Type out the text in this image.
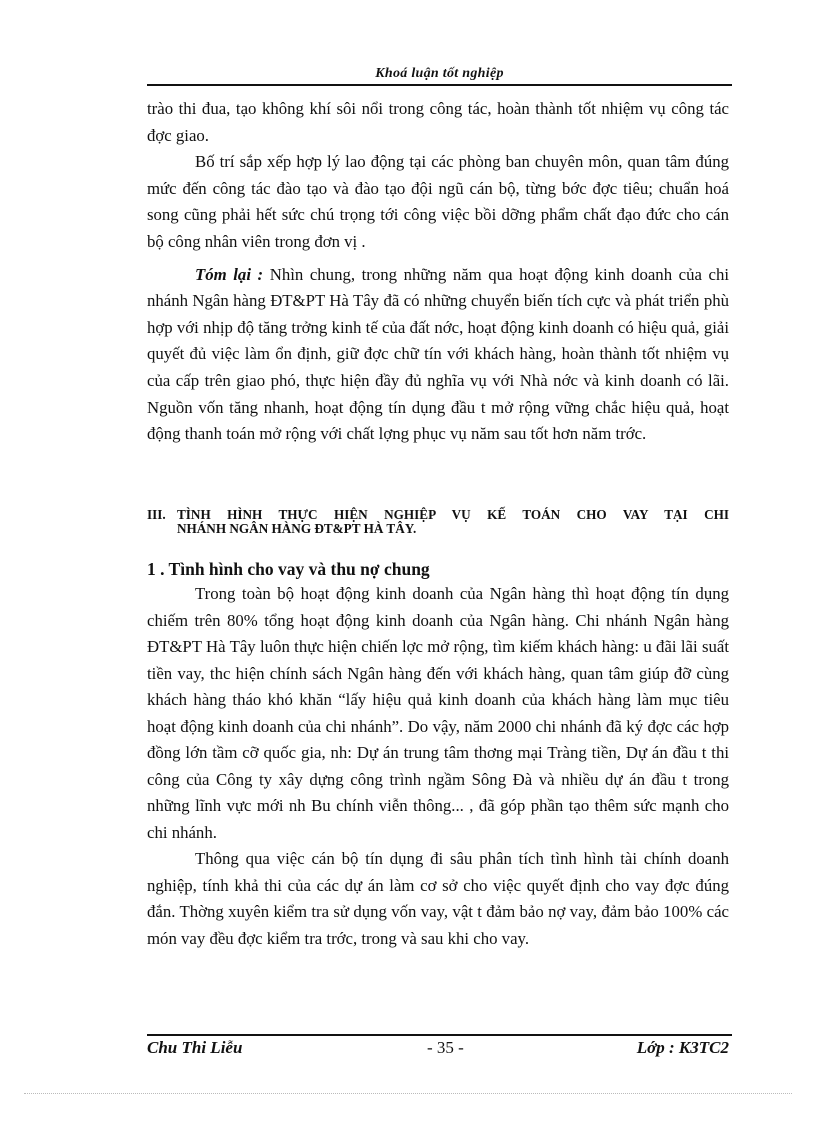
Khoá luận tốt nghiệp

trào thi đua, tạo không khí sôi nổi trong công tác, hoàn thành tốt nhiệm vụ công tác đợc giao.

Bố trí sắp xếp hợp lý lao động tại các phòng ban chuyên môn, quan tâm đúng mức đến công tác đào tạo và đào tạo đội ngũ cán bộ, từng bớc đợc tiêu; chuẩn hoá song cũng phải hết sức chú trọng tới công việc bồi dỡng phẩm chất đạo đức cho cán bộ công nhân viên trong đơn vị .

Tóm lại : Nhìn chung, trong những năm qua hoạt động kinh doanh của chi nhánh Ngân hàng ĐT&PT Hà Tây đã có những chuyển biến tích cực và phát triển phù hợp với nhịp độ tăng trởng kinh tế của đất nớc, hoạt động kinh doanh có hiệu quả, giải quyết đủ việc làm ổn định, giữ đợc chữ tín với khách hàng, hoàn thành tốt nhiệm vụ của cấp trên giao phó, thực hiện đầy đủ nghĩa vụ với Nhà nớc và kinh doanh có lãi. Nguồn vốn tăng nhanh, hoạt động tín dụng đầu t mở rộng vững chắc hiệu quả, hoạt động thanh toán mở rộng với chất lợng phục vụ năm sau tốt hơn năm trớc.

III. TÌNH HÌNH THỰC HIỆN NGHIỆP VỤ KẾ TOÁN CHO VAY TẠI CHI
NHÁNH NGÂN HÀNG ĐT&PT HÀ TÂY.
1 . Tình hình cho vay và thu nợ chung

Trong toàn bộ hoạt động kinh doanh của Ngân hàng thì hoạt động tín dụng chiếm trên 80% tổng hoạt động kinh doanh của Ngân hàng. Chi nhánh Ngân hàng ĐT&PT Hà Tây luôn thực hiện chiến lợc mở rộng, tìm kiếm khách hàng: u đãi lãi suất tiền vay, thc hiện chính sách Ngân hàng đến với khách hàng, quan tâm giúp đỡ cùng khách hàng tháo khó khăn “lấy hiệu quả kinh doanh của khách hàng làm mục tiêu hoạt động kinh doanh của chi nhánh”. Do vậy, năm 2000 chi nhánh đã ký đợc các hợp đồng lớn tầm cỡ quốc gia, nh: Dự án trung tâm thơng mại Tràng tiền, Dự án đầu t thi công của Công ty xây dựng công trình ngầm Sông Đà và nhiều dự án đầu t trong những lĩnh vực mới nh Bu chính viễn thông... , đã góp phần tạo thêm sức mạnh cho chi nhánh.

Thông qua việc cán bộ tín dụng đi sâu phân tích tình hình tài chính doanh nghiệp, tính khả thi của các dự án làm cơ sở cho việc quyết định cho vay đợc đúng đắn. Thờng xuyên kiểm tra sử dụng vốn vay, vật t đảm bảo nợ vay, đảm bảo 100% các món vay đều đợc kiểm tra trớc, trong và sau khi cho vay.

Chu Thi Liễu	- 35 -	Lớp : K3TC2
